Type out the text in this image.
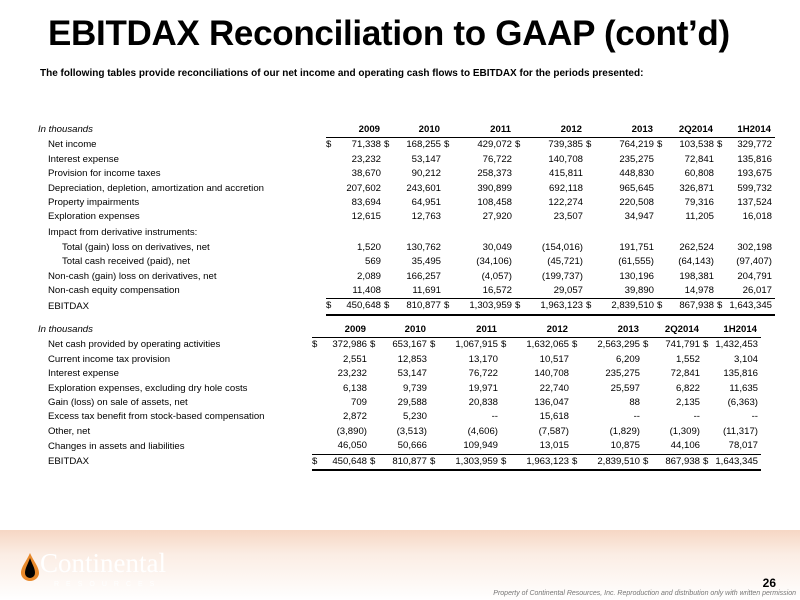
EBITDAX Reconciliation to GAAP (cont’d)
The following tables provide reconciliations of our net income and operating cash flows to EBITDAX for the periods presented:
In thousands	2009		2010		2011		2012		2013		2Q2014		1H2014	
Net income	$	71,338	$	168,255	$	429,072	$	739,385	$	764,219	$	103,538	$	329,772
Interest expense		23,232		53,147		76,722		140,708		235,275		72,841		135,816
Provision for income taxes		38,670		90,212		258,373		415,811		448,830		60,808		193,675
Depreciation, depletion, amortization and accretion		207,602		243,601		390,899		692,118		965,645		326,871		599,732
Property impairments		83,694		64,951		108,458		122,274		220,508		79,316		137,524
Exploration expenses		12,615		12,763		27,920		23,507		34,947		11,205		16,018
Impact from derivative instruments:														
Total (gain) loss on derivatives, net		1,520		130,762		30,049		(154,016)		191,751		262,524		302,198
Total cash received (paid), net		569		35,495		(34,106)		(45,721)		(61,555)		(64,143)		(97,407)
Non-cash (gain) loss on derivatives, net		2,089		166,257		(4,057)		(199,737)		130,196		198,381		204,791
Non-cash equity compensation		11,408		11,691		16,572		29,057		39,890		14,978		26,017
EBITDAX	$	450,648	$	810,877	$	1,303,959	$	1,963,123	$	2,839,510	$	867,938	$	1,643,345
In thousands	2009		2010		2011		2012		2013		2Q2014		1H2014	
Net cash provided by operating activities	$	372,986	$	653,167	$	1,067,915	$	1,632,065	$	2,563,295	$	741,791	$	1,432,453
Current income tax provision		2,551		12,853		13,170		10,517		6,209		1,552		3,104
Interest expense		23,232		53,147		76,722		140,708		235,275		72,841		135,816
Exploration expenses, excluding dry hole costs		6,138		9,739		19,971		22,740		25,597		6,822		11,635
Gain (loss) on sale of assets, net		709		29,588		20,838		136,047		88		2,135		(6,363)
Excess tax benefit from stock-based compensation		2,872		5,230		--		15,618		--		--		--
Other, net		(3,890)		(3,513)		(4,606)		(7,587)		(1,829)		(1,309)		(11,317)
Changes in assets and liabilities		46,050		50,666		109,949		13,015		10,875		44,106		78,017
EBITDAX	$	450,648	$	810,877	$	1,303,959	$	1,963,123	$	2,839,510	$	867,938	$	1,643,345
Continental
RESOURCES	26
Property of Continental Resources, Inc. Reproduction and distribution only with written permission
